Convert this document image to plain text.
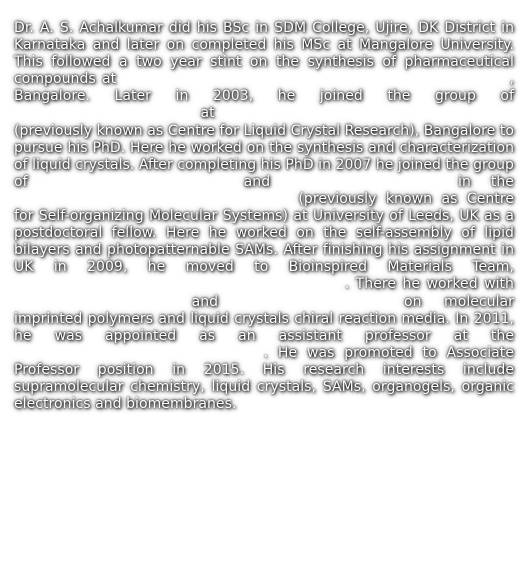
Dr. A. S. Achalkumar did his BSc in SDM College, Ujire, DK District in Karnataka and later on completed his MSc at Mangalore University. This followed a two year stint on the synthesis of pharmaceutical compounds at	, Bangalore. Later in 2003, he joined the group of at (previously known as Centre for Liquid Crystal Research), Bangalore to pursue his PhD. Here he worked on the synthesis and characterization of liquid crystals. After completing his PhD in 2007 he joined the group of	and	in the (previously known as Centre for Self-organizing Molecular Systems) at University of Leeds, UK as a postdoctoral fellow. Here he worked on the self-assembly of lipid bilayers and photopatternable SAMs. After finishing his assignment in UK in 2009, he moved to Bioinspired Materials Team, . There he worked with and	on molecular imprinted polymers and liquid crystals chiral reaction media. In 2011, he was appointed as an assistant professor at the . He was promoted to Associate Professor position in 2015. His research interests include supramolecular chemistry, liquid crystals, SAMs, organogels, organic electronics and biomembranes.
